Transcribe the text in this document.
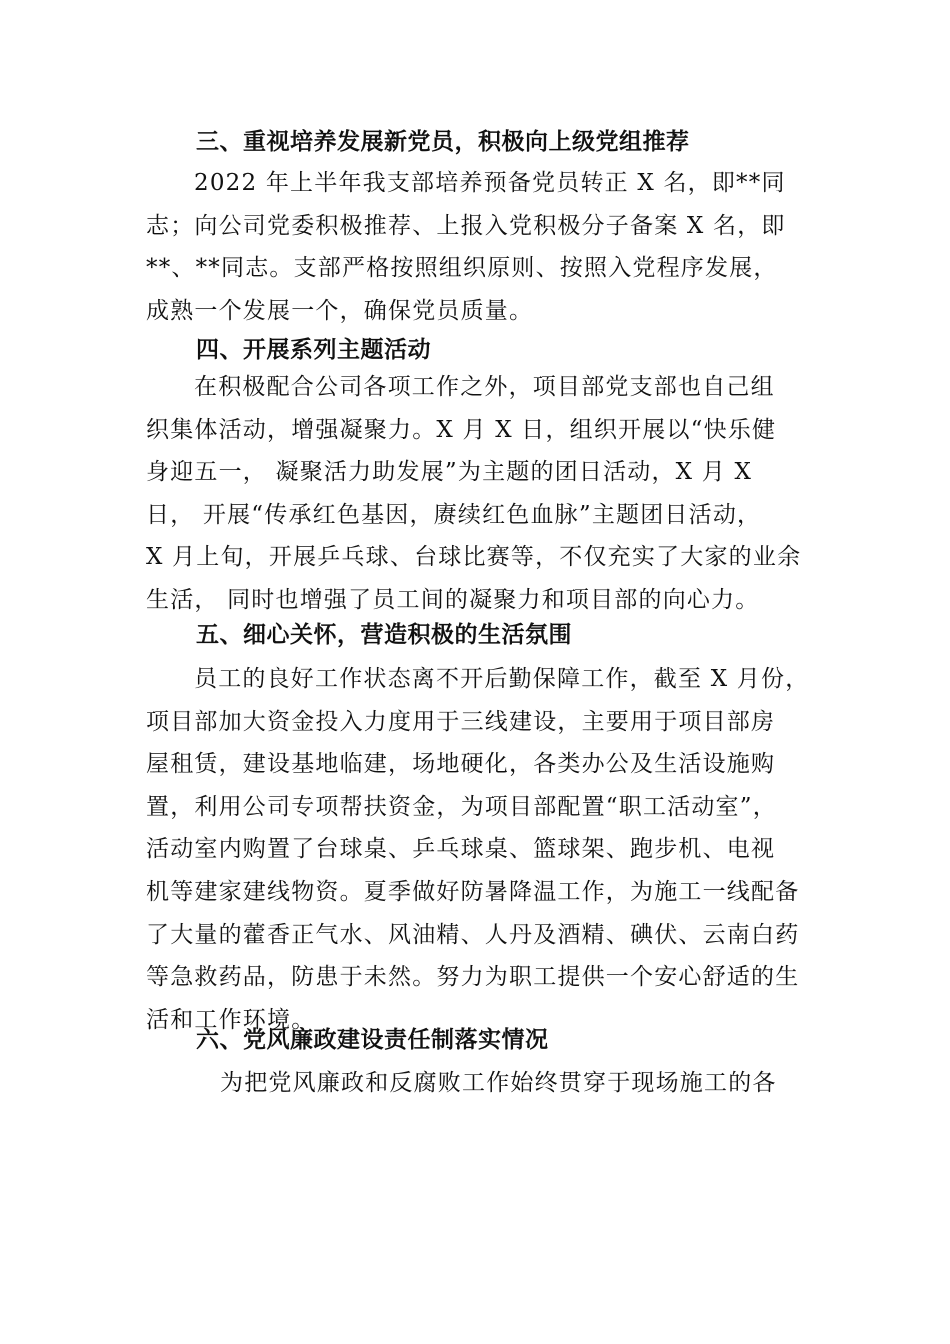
三、重视培养发展新党员，积极向上级党组推荐
2022 年上半年我支部培养预备党员转正 X 名，即**同
志；向公司党委积极推荐、上报入党积极分子备案 X 名，即
**、**同志。支部严格按照组织原则、按照入党程序发展，
成熟一个发展一个，确保党员质量。
四、开展系列主题活动
在积极配合公司各项工作之外，项目部党支部也自己组
织集体活动，增强凝聚力。X 月 X 日，组织开展以“快乐健
身迎五一， 凝聚活力助发展”为主题的团日活动，X 月 X
日， 开展“传承红色基因，赓续红色血脉”主题团日活动，
X 月上旬，开展乒乓球、台球比赛等，不仅充实了大家的业余
生活， 同时也增强了员工间的凝聚力和项目部的向心力。
五、细心关怀，营造积极的生活氛围
员工的良好工作状态离不开后勤保障工作，截至 X 月份，
项目部加大资金投入力度用于三线建设，主要用于项目部房
屋租赁，建设基地临建，场地硬化，各类办公及生活设施购
置，利用公司专项帮扶资金，为项目部配置“职工活动室”，
活动室内购置了台球桌、乒乓球桌、篮球架、跑步机、电视
机等建家建线物资。夏季做好防暑降温工作，为施工一线配备
了大量的藿香正气水、风油精、人丹及酒精、碘伏、云南白药
等急救药品，防患于未然。努力为职工提供一个安心舒适的生
活和工作环境。
六、党风廉政建设责任制落实情况
为把党风廉政和反腐败工作始终贯穿于现场施工的各
